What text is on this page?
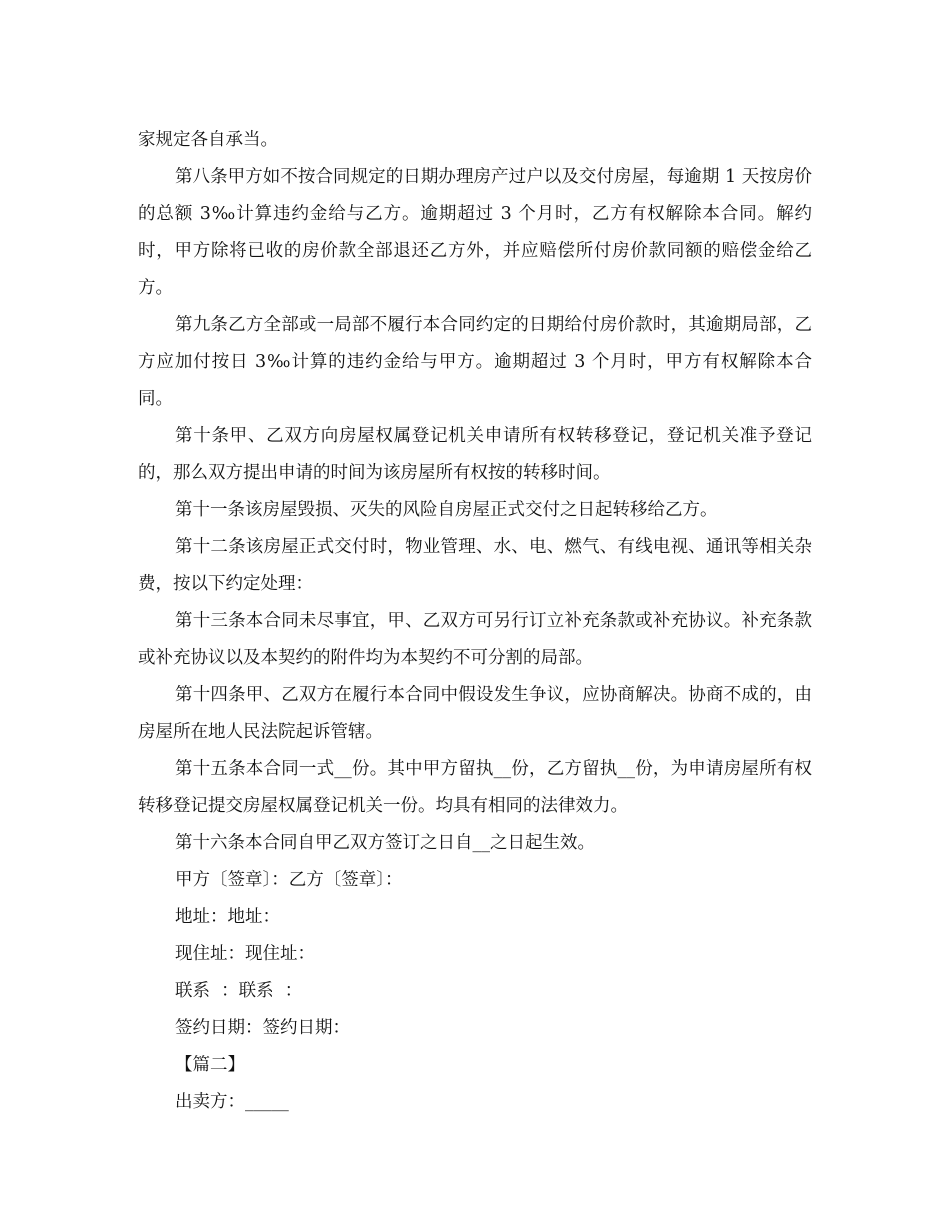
家规定各自承当。

第八条甲方如不按合同规定的日期办理房产过户以及交付房屋，每逾期 1 天按房价的总额 3‰计算违约金给与乙方。逾期超过 3 个月时，乙方有权解除本合同。解约时，甲方除将已收的房价款全部退还乙方外，并应赔偿所付房价款同额的赔偿金给乙方。

第九条乙方全部或一局部不履行本合同约定的日期给付房价款时，其逾期局部，乙方应加付按日 3‰计算的违约金给与甲方。逾期超过 3 个月时，甲方有权解除本合同。

第十条甲、乙双方向房屋权属登记机关申请所有权转移登记，登记机关准予登记的，那么双方提出申请的时间为该房屋所有权按的转移时间。

第十一条该房屋毁损、灭失的风险自房屋正式交付之日起转移给乙方。

第十二条该房屋正式交付时，物业管理、水、电、燃气、有线电视、通讯等相关杂费，按以下约定处理：

第十三条本合同未尽事宜，甲、乙双方可另行订立补充条款或补充协议。补充条款或补充协议以及本契约的附件均为本契约不可分割的局部。

第十四条甲、乙双方在履行本合同中假设发生争议，应协商解决。协商不成的，由房屋所在地人民法院起诉管辖。

第十五条本合同一式__份。其中甲方留执__份，乙方留执__份，为申请房屋所有权转移登记提交房屋权属登记机关一份。均具有相同的法律效力。

第十六条本合同自甲乙双方签订之日自__之日起生效。

甲方〔签章〕：乙方〔签章〕：

地址：地址：

现住址：现住址：

联系  ：联系  ：

签约日期：签约日期：

【篇二】

出卖方：_____
